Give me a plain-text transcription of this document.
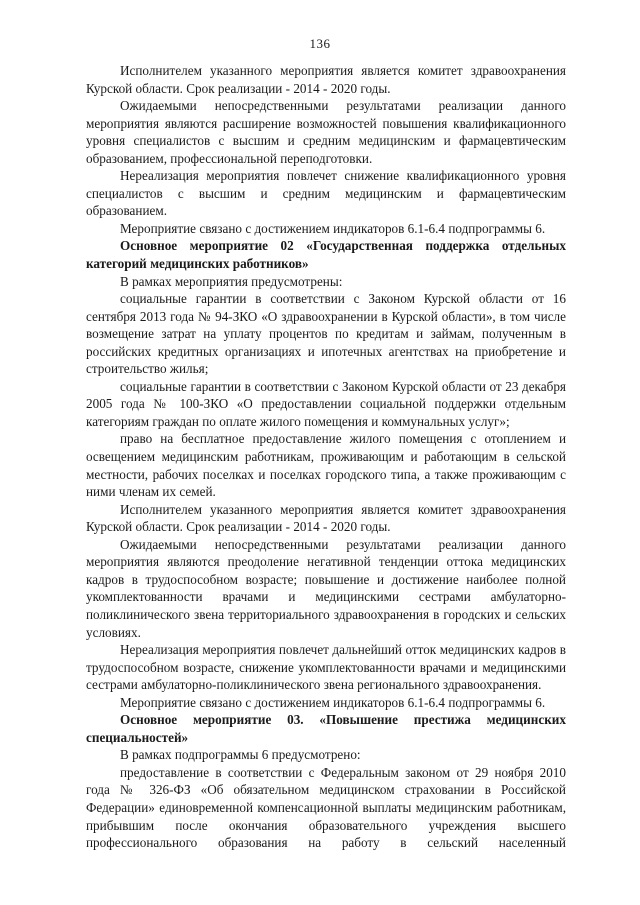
136

Исполнителем указанного мероприятия является комитет здравоохранения Курской области. Срок реализации - 2014 - 2020 годы.

Ожидаемыми непосредственными результатами реализации данного мероприятия являются расширение возможностей повышения квалификационного уровня специалистов с высшим и средним медицинским и фармацевтическим образованием, профессиональной переподготовки.

Нереализация мероприятия повлечет снижение квалификационного уровня специалистов с высшим и средним медицинским и фармацевтическим образованием.

Мероприятие связано с достижением индикаторов 6.1-6.4 подпрограммы 6.

Основное мероприятие 02 «Государственная поддержка отдельных категорий медицинских работников»

В рамках мероприятия предусмотрены:

социальные гарантии в соответствии с Законом Курской области от 16 сентября 2013 года № 94-ЗКО «О здравоохранении в Курской области», в том числе возмещение затрат на уплату процентов по кредитам и займам, полученным в российских кредитных организациях и ипотечных агентствах на приобретение и строительство жилья;

социальные гарантии в соответствии с Законом Курской области от 23 декабря 2005 года № 100-ЗКО «О предоставлении социальной поддержки отдельным категориям граждан по оплате жилого помещения и коммунальных услуг»;

право на бесплатное предоставление жилого помещения с отоплением и освещением медицинским работникам, проживающим и работающим в сельской местности, рабочих поселках и поселках городского типа, а также проживающим с ними членам их семей.

Исполнителем указанного мероприятия является комитет здравоохранения Курской области. Срок реализации - 2014 - 2020 годы.

Ожидаемыми непосредственными результатами реализации данного мероприятия являются преодоление негативной тенденции оттока медицинских кадров в трудоспособном возрасте; повышение и достижение наиболее полной укомплектованности врачами и медицинскими сестрами амбулаторно-поликлинического звена территориального здравоохранения в городских и сельских условиях.

Нереализация мероприятия повлечет дальнейший отток медицинских кадров в трудоспособном возрасте, снижение укомплектованности врачами и медицинскими сестрами амбулаторно-поликлинического звена регионального здравоохранения.

Мероприятие связано с достижением индикаторов 6.1-6.4 подпрограммы 6.

Основное мероприятие 03. «Повышение престижа медицинских специальностей»

В рамках подпрограммы 6 предусмотрено:

предоставление в соответствии с Федеральным законом от 29 ноября 2010 года № 326-ФЗ «Об обязательном медицинском страховании в Российской Федерации» единовременной компенсационной выплаты медицинским работникам, прибывшим после окончания образовательного учреждения высшего профессионального образования на работу в сельский населенный
